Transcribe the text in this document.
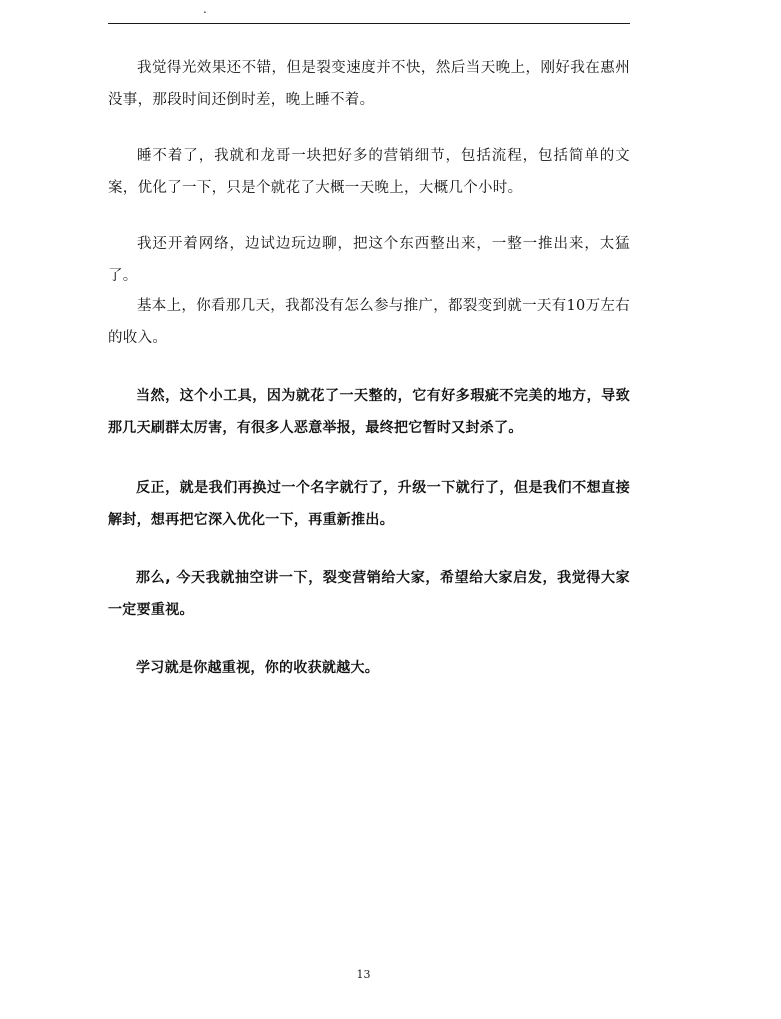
.

我觉得光效果还不错，但是裂变速度并不快，然后当天晚上，刚好我在惠州没事，那段时间还倒时差，晚上睡不着。

睡不着了，我就和龙哥一块把好多的营销细节，包括流程，包括简单的文案，优化了一下，只是个就花了大概一天晚上，大概几个小时。

我还开着网络，边试边玩边聊，把这个东西整出来，一整一推出来，太猛了。

基本上，你看那几天，我都没有怎么参与推广，都裂变到就一天有10万左右的收入。

当然，这个小工具，因为就花了一天整的，它有好多瑕疵不完美的地方，导致那几天刷群太厉害，有很多人恶意举报，最终把它暂时又封杀了。

反正，就是我们再换过一个名字就行了，升级一下就行了，但是我们不想直接解封，想再把它深入优化一下，再重新推出。

那么, 今天我就抽空讲一下，裂变营销给大家，希望给大家启发，我觉得大家一定要重视。

学习就是你越重视，你的收获就越大。

13
